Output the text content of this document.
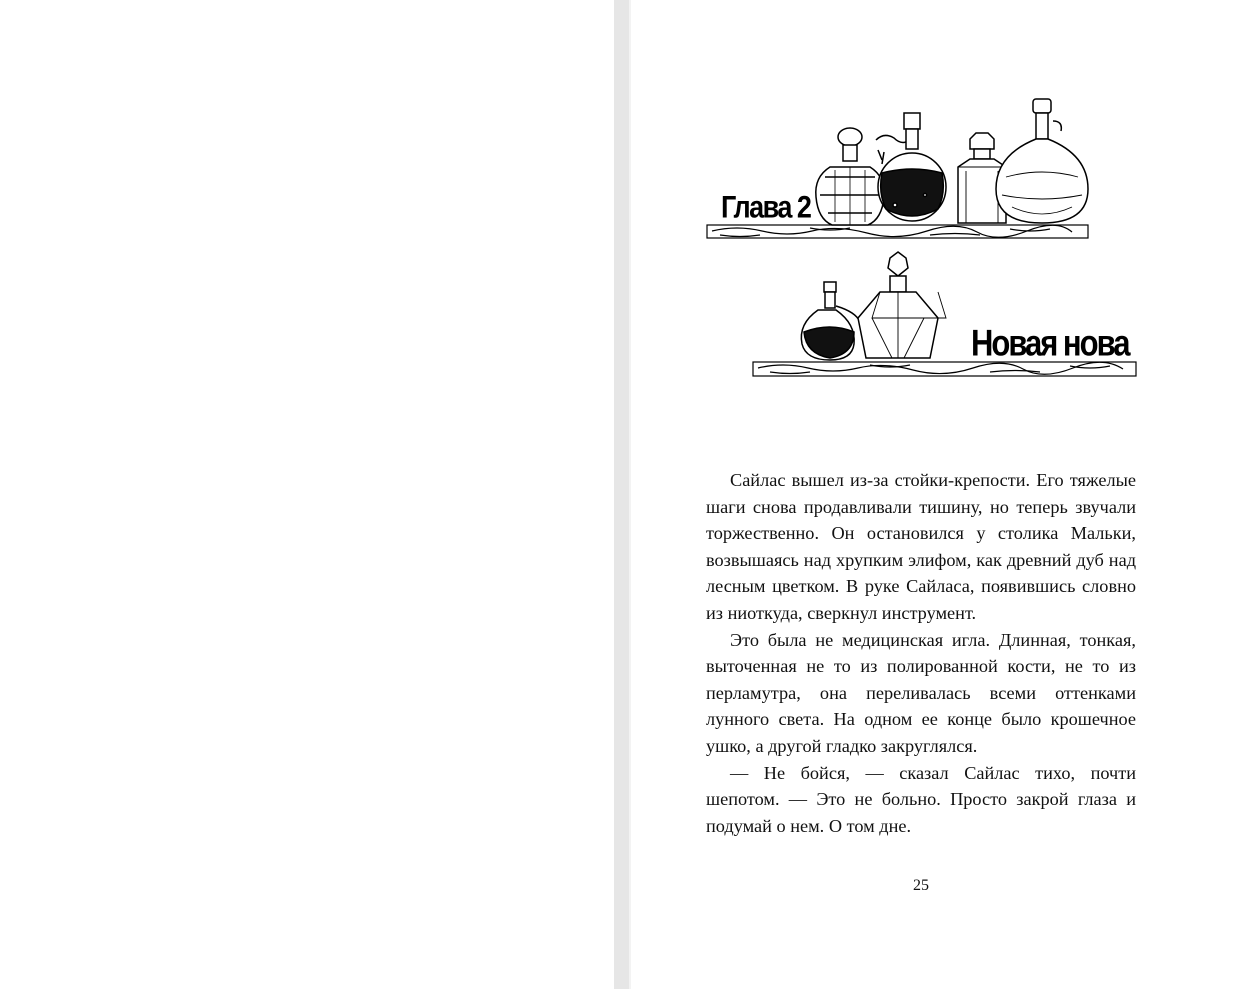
Глава 2
Новая нова

Сайлас вышел из-за стойки-крепости. Его тяжелые шаги снова продавливали тишину, но теперь звучали торжественно. Он остановился у столика Мальки, возвышаясь над хрупким элифом, как древний дуб над лесным цветком. В руке Сайласа, появившись словно из ниоткуда, сверкнул инструмент.

Это была не медицинская игла. Длинная, тонкая, выточенная не то из полированной кости, не то из перламутра, она переливалась всеми оттенками лунного света. На одном ее конце было крошечное ушко, а другой гладко закруглялся.

— Не бойся, — сказал Сайлас тихо, почти шепотом. — Это не больно. Просто закрой глаза и подумай о нем. О том дне.

25
